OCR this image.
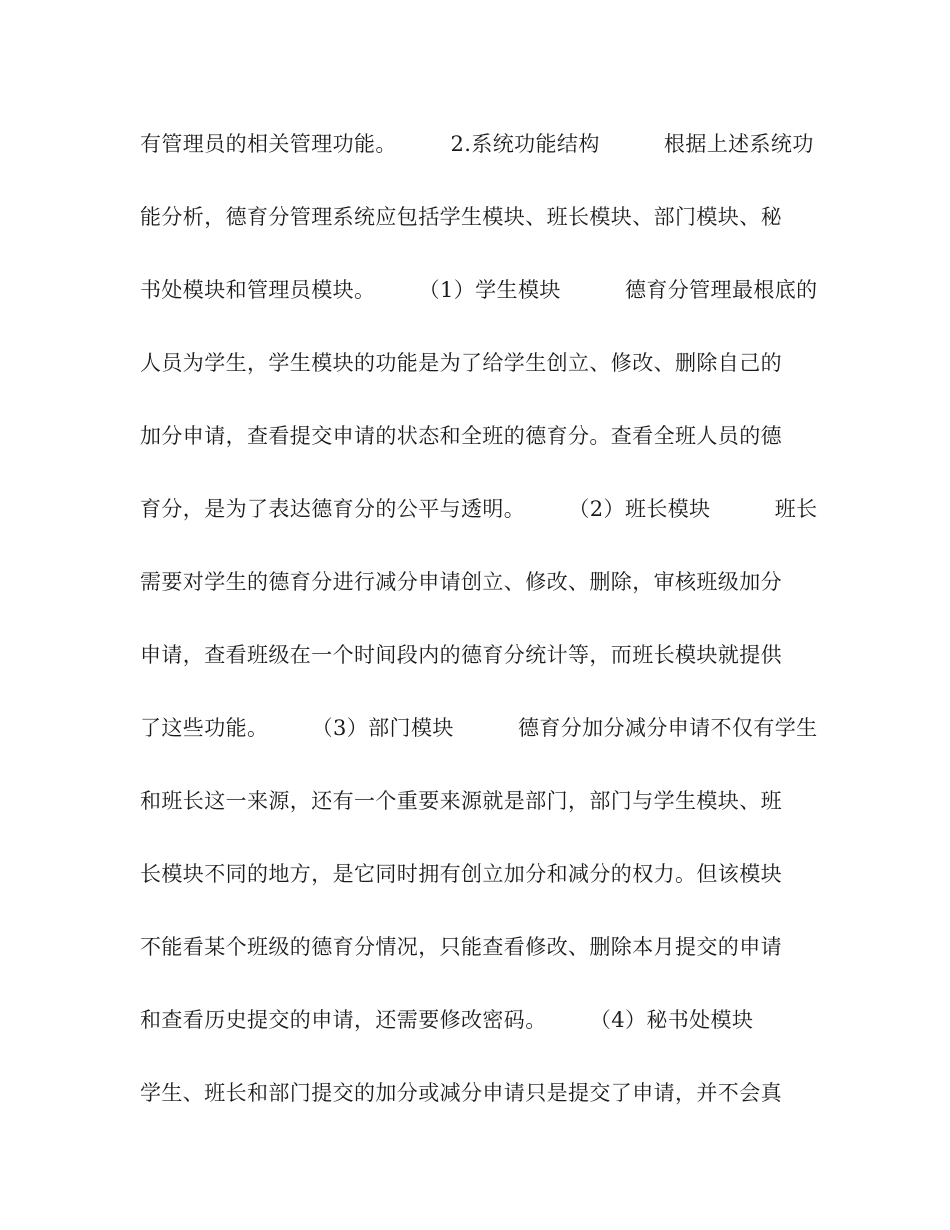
有管理员的相关管理功能。　　　2.系统功能结构　　　根据上述系统功
能分析，德育分管理系统应包括学生模块、班长模块、部门模块、秘
书处模块和管理员模块。　　　（1）学生模块　　　德育分管理最根底的
人员为学生，学生模块的功能是为了给学生创立、修改、删除自己的
加分申请，查看提交申请的状态和全班的德育分。查看全班人员的德
育分，是为了表达德育分的公平与透明。　　　（2）班长模块　　　班长
需要对学生的德育分进行减分申请创立、修改、删除，审核班级加分
申请，查看班级在一个时间段内的德育分统计等，而班长模块就提供
了这些功能。　　　（3）部门模块　　　德育分加分减分申请不仅有学生
和班长这一来源，还有一个重要来源就是部门，部门与学生模块、班
长模块不同的地方，是它同时拥有创立加分和减分的权力。但该模块
不能看某个班级的德育分情况，只能查看修改、删除本月提交的申请
和查看历史提交的申请，还需要修改密码。　　　（4）秘书处模块
学生、班长和部门提交的加分或减分申请只是提交了申请，并不会真
